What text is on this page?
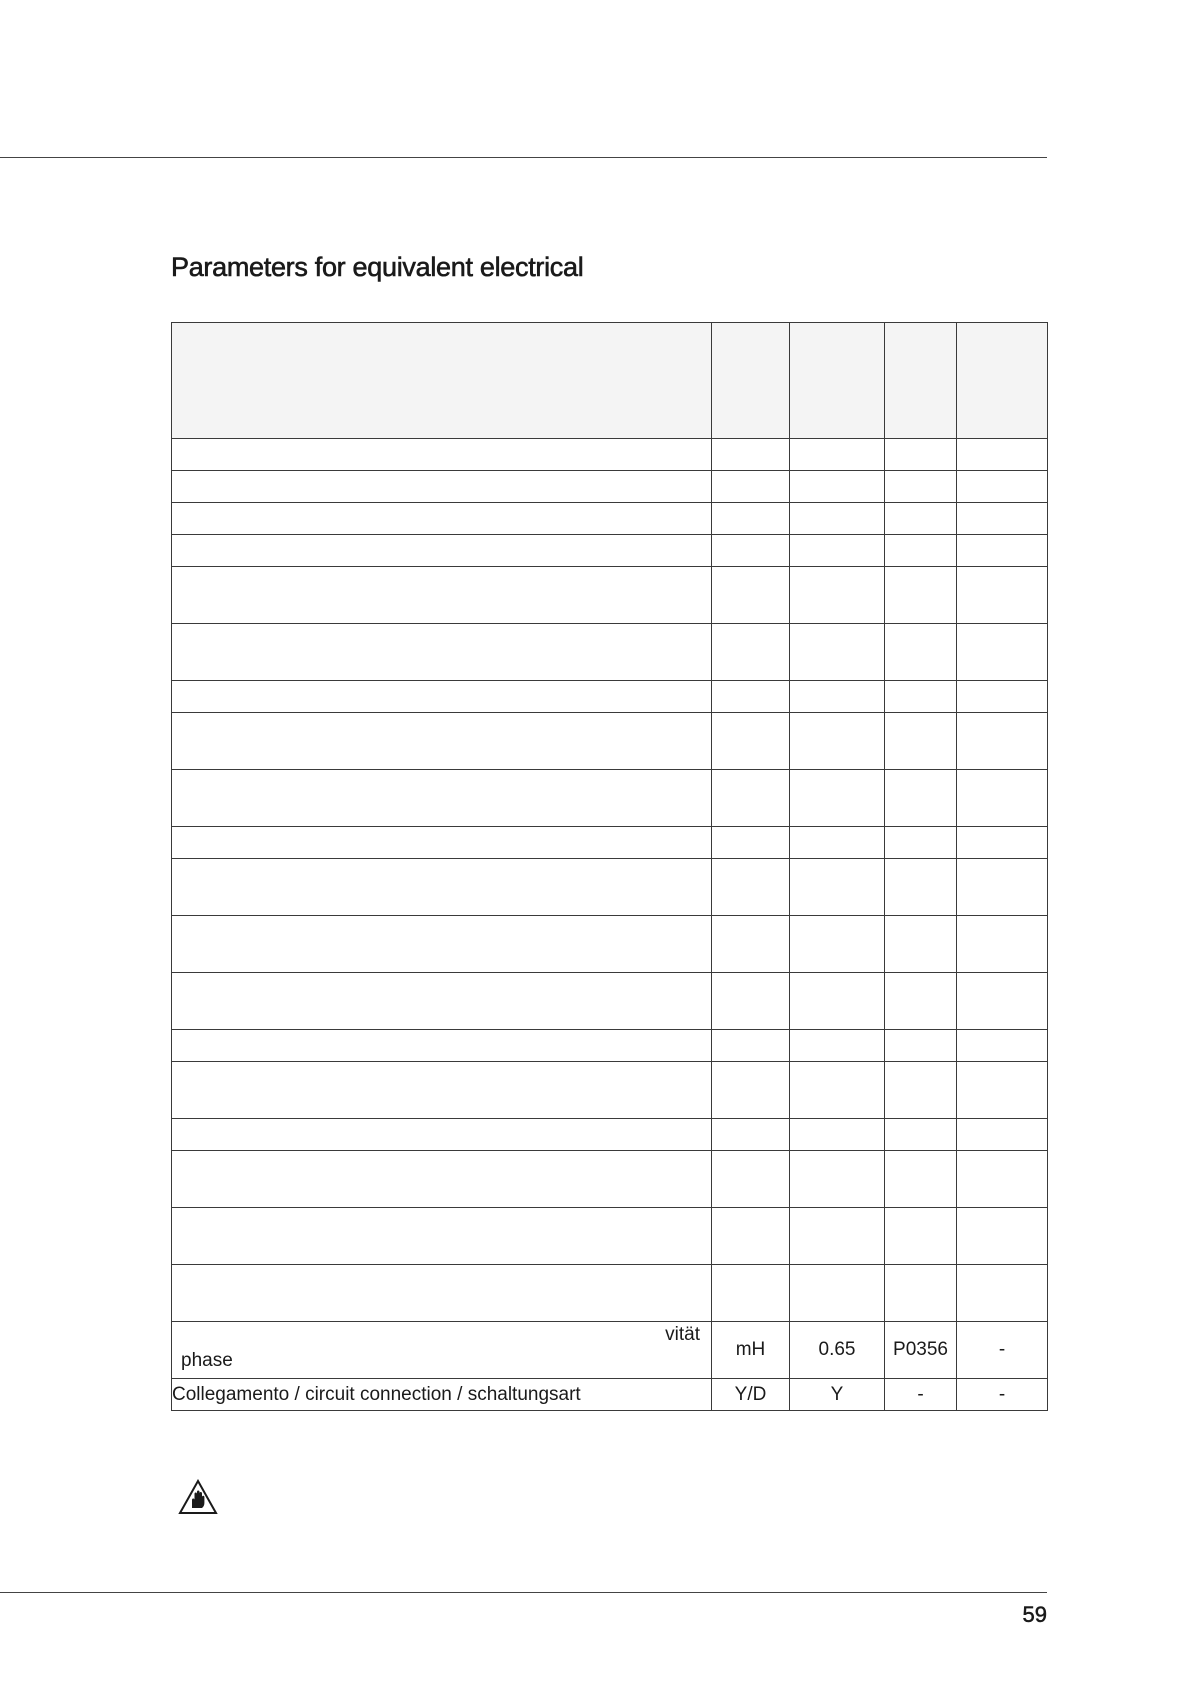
Parameters for equivalent electrical

vität
phase	mH	0.65	P0356	-
Collegamento / circuit connection / schaltungsart	Y/D	Y	-	-
59
